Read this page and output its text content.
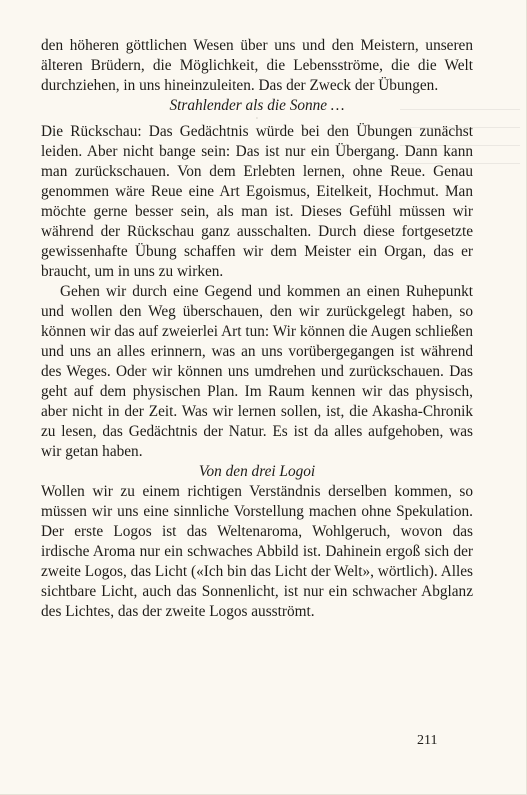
den höheren göttlichen Wesen über uns und den Meistern, unseren älteren Brüdern, die Möglichkeit, die Lebensströme, die die Welt durchziehen, in uns hineinzuleiten. Das der Zweck der Übungen.

Strahlender als die Sonne …

·

Die Rückschau: Das Gedächtnis würde bei den Übungen zunächst leiden. Aber nicht bange sein: Das ist nur ein Übergang. Dann kann man zurückschauen. Von dem Erlebten lernen, ohne Reue. Genau genommen wäre Reue eine Art Egoismus, Eitelkeit, Hochmut. Man möchte gerne besser sein, als man ist. Dieses Gefühl müssen wir während der Rückschau ganz ausschalten. Durch diese fortgesetzte gewissenhafte Übung schaffen wir dem Meister ein Organ, das er braucht, um in uns zu wirken.

Gehen wir durch eine Gegend und kommen an einen Ruhepunkt und wollen den Weg überschauen, den wir zurückgelegt haben, so können wir das auf zweierlei Art tun: Wir können die Augen schließen und uns an alles erinnern, was an uns vorübergegangen ist während des Weges. Oder wir können uns umdrehen und zurückschauen. Das geht auf dem physischen Plan. Im Raum kennen wir das physisch, aber nicht in der Zeit. Was wir lernen sollen, ist, die Akasha-Chronik zu lesen, das Gedächtnis der Natur. Es ist da alles aufgehoben, was wir getan haben.

Von den drei Logoi

Wollen wir zu einem richtigen Verständnis derselben kommen, so müssen wir uns eine sinnliche Vorstellung machen ohne Spekulation. Der erste Logos ist das Weltenaroma, Wohlgeruch, wovon das irdische Aroma nur ein schwaches Abbild ist. Dahinein ergoß sich der zweite Logos, das Licht («Ich bin das Licht der Welt», wörtlich). Alles sichtbare Licht, auch das Sonnenlicht, ist nur ein schwacher Abglanz des Lichtes, das der zweite Logos ausströmt.

211
